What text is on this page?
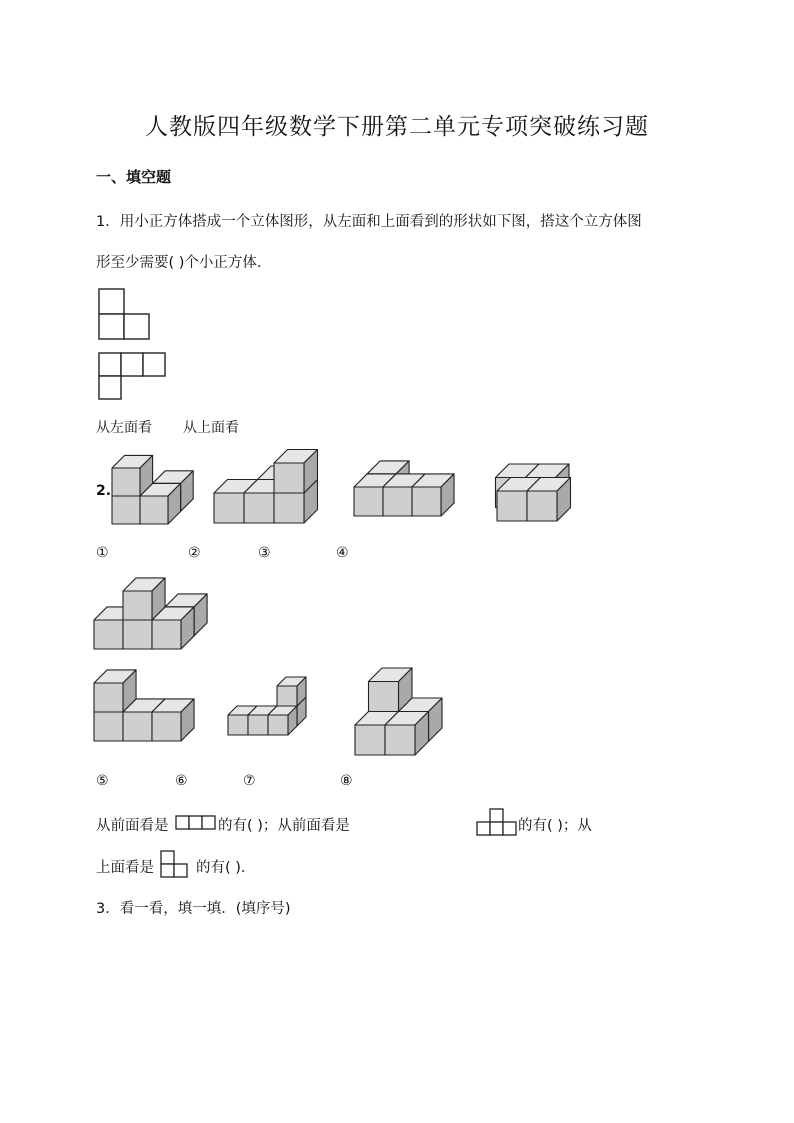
人教版四年级数学下册第二单元专项突破练习题
一、填空题
1．用小正方体搭成一个立体图形，从左面和上面看到的形状如下图，搭这个立方体图
形至少需要( )个小正方体．
从左面看 从上面看
2.
①	②	③	④
⑤	⑥	⑦	⑧
从前面看是	的有( )；从前面看是	的有( )；从
上面看是	的有( )．
3．看一看，填一填．(填序号)
